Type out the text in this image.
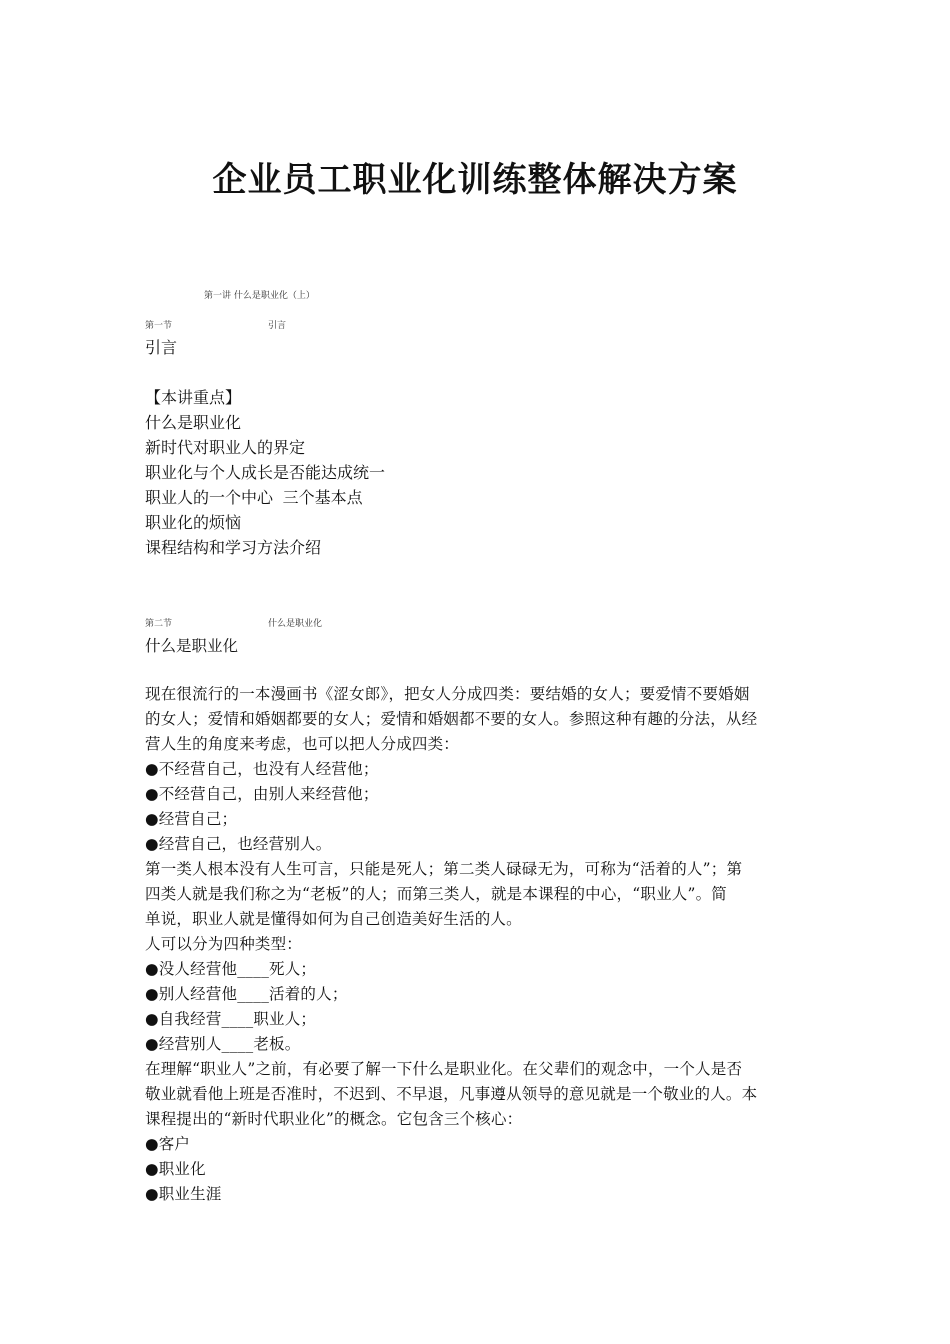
企业员工职业化训练整体解决方案
第一讲 什么是职业化（上）
第一节	引言
引言
【本讲重点】
什么是职业化
新时代对职业人的界定
职业化与个人成长是否能达成统一
职业人的一个中心 三个基本点
职业化的烦恼
课程结构和学习方法介绍
第二节	什么是职业化
什么是职业化
现在很流行的一本漫画书《涩女郎》，把女人分成四类：要结婚的女人；要爱情不要婚姻
的女人；爱情和婚姻都要的女人；爱情和婚姻都不要的女人。参照这种有趣的分法，从经
营人生的角度来考虑，也可以把人分成四类：
●不经营自己，也没有人经营他；
●不经营自己，由别人来经营他；
●经营自己；
●经营自己，也经营别人。
第一类人根本没有人生可言，只能是死人；第二类人碌碌无为，可称为“活着的人”；第
四类人就是我们称之为“老板”的人；而第三类人，就是本课程的中心，“职业人”。简
单说，职业人就是懂得如何为自己创造美好生活的人。
人可以分为四种类型：
●没人经营他____死人；
●别人经营他____活着的人；
●自我经营____职业人；
●经营别人____老板。
在理解“职业人”之前，有必要了解一下什么是职业化。在父辈们的观念中，一个人是否
敬业就看他上班是否准时，不迟到、不早退，凡事遵从领导的意见就是一个敬业的人。本
课程提出的“新时代职业化”的概念。它包含三个核心：
●客户
●职业化
●职业生涯
